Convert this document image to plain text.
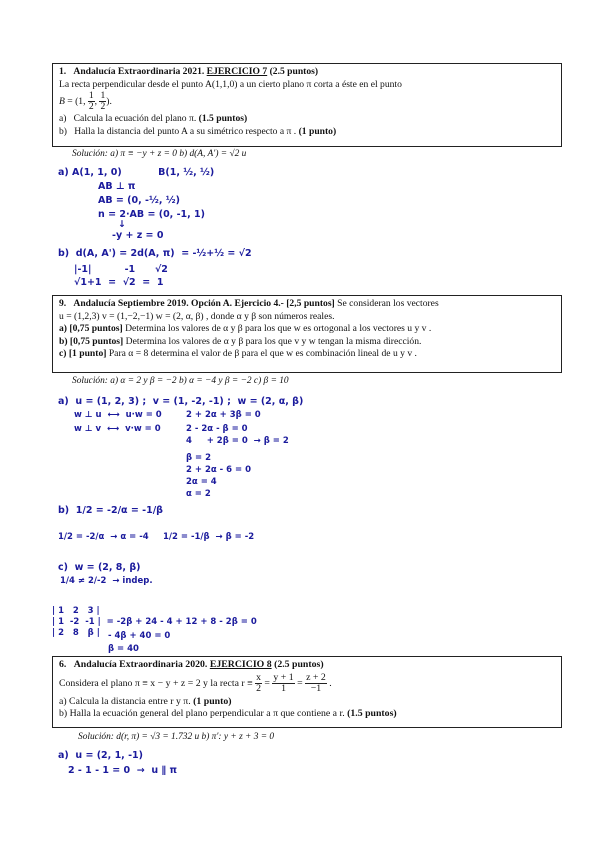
1. Andalucía Extraordinaria 2021. EJERCICIO 7 (2.5 puntos)
La recta perpendicular desde el punto A(1,1,0) a un cierto plano π corta a éste en el punto
B = (1, $\frac{1}{2}$ , $\frac{1}{2}$ ).
a) Calcula la ecuación del plano π. (1.5 puntos)
b) Halla la distancia del punto A a su simétrico respecto a π . (1 punto)
Solución: a) π ≡ −y + z = 0 b) d(A, A′) = √2 u
a) A(1, 1, 0)           B(1, ½, ½)
AB ⊥ π
AB = (0, -½, ½)
n = 2·AB = (0, -1, 1)
↓
-y + z = 0
b)  d(A, A') = 2d(A, π)  = -½+½ = √2
|-1|          -1      √2
√1+1  =  √2  =  1
9. Andalucía Septiembre 2019. Opción A. Ejercicio 4.- [2,5 puntos] Se consideran los vectores
u = (1,2,3) v = (1,−2,−1) w = (2, α, β) , donde α y β son números reales.
a) [0,75 puntos] Determina los valores de α y β para los que w es ortogonal a los vectores u y v .
b) [0,75 puntos] Determina los valores de α y β para los que v y w tengan la misma dirección.
c) [1 punto] Para α = 8 determina el valor de β para el que w es combinación lineal de u y v .
Solución: a) α = 2 y β = −2 b) α = −4 y β = −2 c) β = 10
a)  u = (1, 2, 3) ;  v = (1, -2, -1) ;  w = (2, α, β)
w ⊥ u  ⟷  u·w = 0
w ⊥ v  ⟷  v·w = 0
2 + 2α + 3β = 0
2 - 2α - β = 0
4     + 2β = 0  → β = 2
β = 2
2 + 2α - 6 = 0
2α = 4
α = 2
b)  1/2 = -2/α = -1/β
1/2 = -2/α  → α = -4 1/2 = -1/β  → β = -2
c)  w = (2, 8, β)
1/4 ≠ 2/-2  → indep.
| 1   2   3 |
| 1  -2  -1 |  = -2β + 24 - 4 + 12 + 8 - 2β = 0
| 2   8   β | - 4β + 40 = 0
β = 40
6. Andalucía Extraordinaria 2020. EJERCICIO 8 (2.5 puntos)
Considera el plano π ≡ x − y + z = 2 y la recta $r \equiv \frac{x}{2} = \frac{y + 1}{1} = \frac{z + 2}{-1}$ .
a) Calcula la distancia entre r y π. (1 punto)
b) Halla la ecuación general del plano perpendicular a π que contiene a r. (1.5 puntos)
Solución: d(r, π) = √3 = 1.732 u b) π′: y + z + 3 = 0
a)  u = (2, 1, -1)
2 - 1 - 1 = 0  →  u ∥ π
